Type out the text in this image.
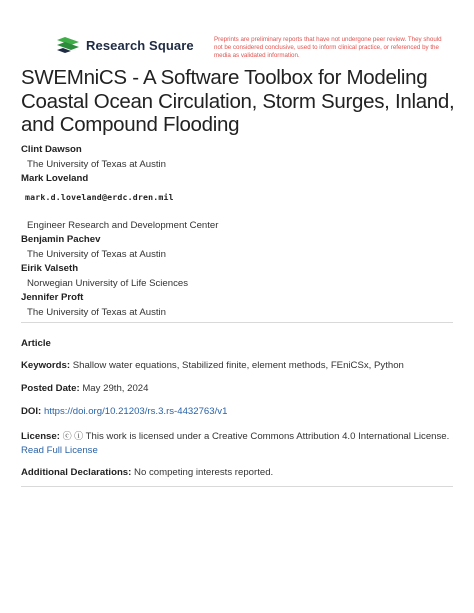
Research Square	Preprints are preliminary reports that have not undergone peer review. They should not be considered conclusive, used to inform clinical practice, or referenced by the media as validated information.
SWEMniCS - A Software Toolbox for Modeling Coastal Ocean Circulation, Storm Surges, Inland, and Compound Flooding
Clint Dawson
The University of Texas at Austin
Mark Loveland
mark.d.loveland@erdc.dren.mil
Engineer Research and Development Center
Benjamin Pachev
The University of Texas at Austin
Eirik Valseth
Norwegian University of Life Sciences
Jennifer Proft
The University of Texas at Austin
Article
Keywords: Shallow water equations, Stabilized finite, element methods, FEniCSx, Python
Posted Date: May 29th, 2024
DOI: https://doi.org/10.21203/rs.3.rs-4432763/v1
License: ⓒ ⓘ This work is licensed under a Creative Commons Attribution 4.0 International License.
Read Full License
Additional Declarations: No competing interests reported.
